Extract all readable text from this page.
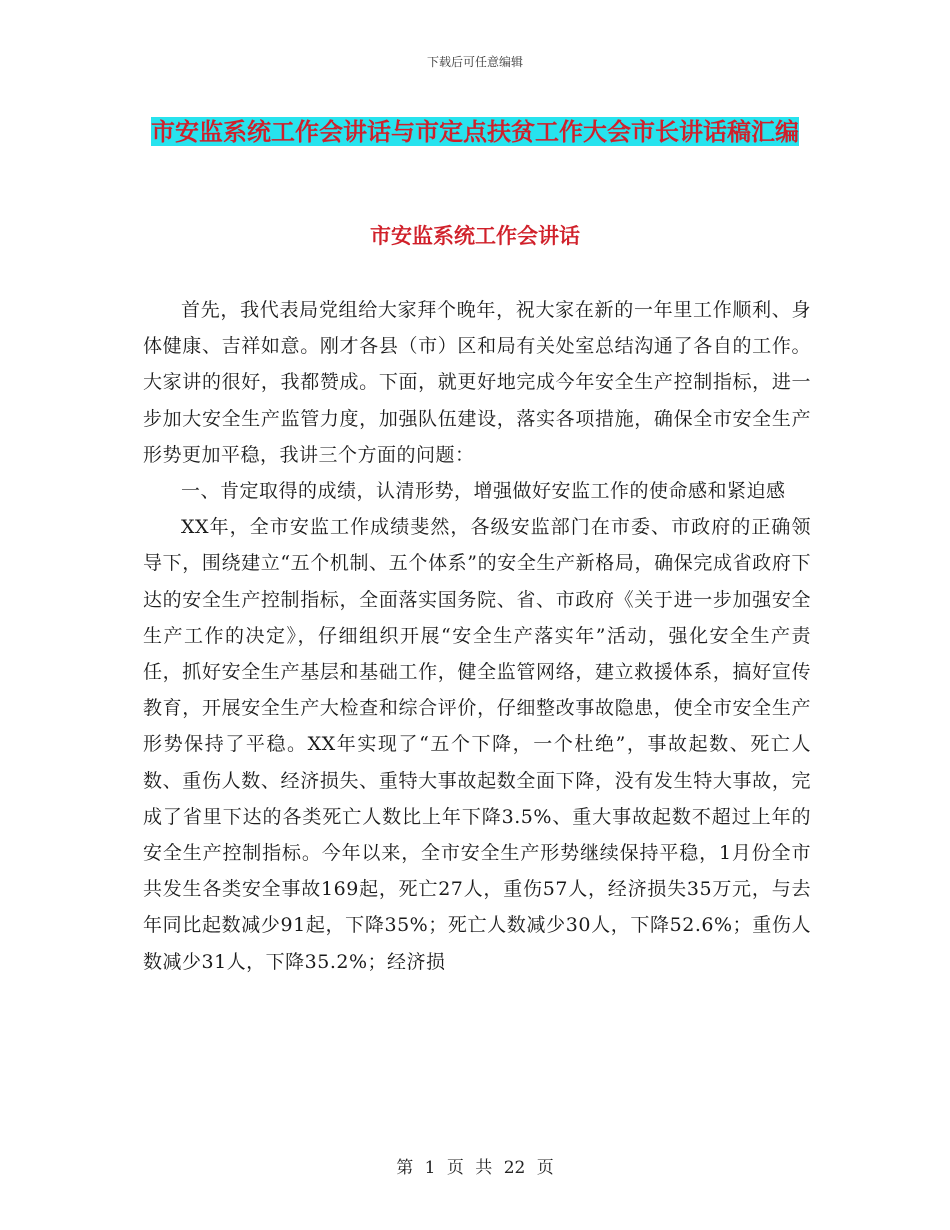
下载后可任意编辑
市安监系统工作会讲话与市定点扶贫工作大会市长讲话稿汇编
市安监系统工作会讲话

首先，我代表局党组给大家拜个晚年，祝大家在新的一年里工作顺利、身体健康、吉祥如意。刚才各县（市）区和局有关处室总结沟通了各自的工作。大家讲的很好，我都赞成。下面，就更好地完成今年安全生产控制指标，进一步加大安全生产监管力度，加强队伍建设，落实各项措施，确保全市安全生产形势更加平稳，我讲三个方面的问题：

一、肯定取得的成绩，认清形势，增强做好安监工作的使命感和紧迫感

XX年，全市安监工作成绩斐然，各级安监部门在市委、市政府的正确领导下，围绕建立“五个机制、五个体系”的安全生产新格局，确保完成省政府下达的安全生产控制指标，全面落实国务院、省、市政府《关于进一步加强安全生产工作的决定》，仔细组织开展“安全生产落实年”活动，强化安全生产责任，抓好安全生产基层和基础工作，健全监管网络，建立救援体系，搞好宣传教育，开展安全生产大检查和综合评价，仔细整改事故隐患，使全市安全生产形势保持了平稳。XX年实现了“五个下降，一个杜绝”，事故起数、死亡人数、重伤人数、经济损失、重特大事故起数全面下降，没有发生特大事故，完成了省里下达的各类死亡人数比上年下降3.5%、重大事故起数不超过上年的安全生产控制指标。今年以来，全市安全生产形势继续保持平稳，1月份全市共发生各类安全事故169起，死亡27人，重伤57人，经济损失35万元，与去年同比起数减少91起，下降35%；死亡人数减少30人，下降52.6%；重伤人数减少31人，下降35.2%；经济损

第 1 页 共 22 页
